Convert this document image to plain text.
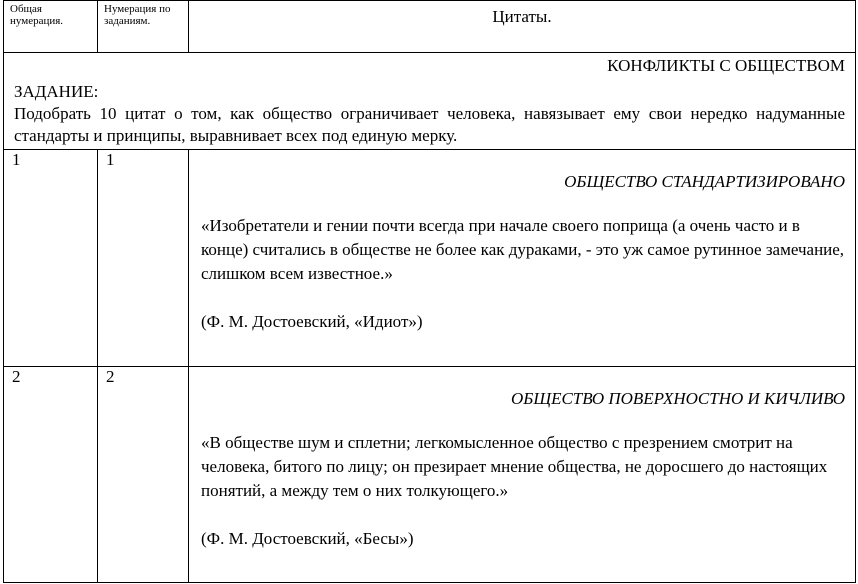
Общая нумерация.	Нумерация по заданиям.	Цитаты.

КОНФЛИКТЫ С ОБЩЕСТВОМ
ЗАДАНИЕ:
Подобрать 10 цитат о том, как общество ограничивает человека, навязывает ему свои нередко надуманные стандарты и принципы, выравнивает всех под единую мерку.		

1	1	ОБЩЕСТВО СТАНДАРТИЗИРОВАНО
«Изобретатели и гении почти всегда при начале своего поприща (а очень часто и в конце) считались в обществе не более как дураками, - это уж самое рутинное замечание, слишком всем известное.»
(Ф. М. Достоевский, «Идиот»)

2	2	ОБЩЕСТВО ПОВЕРХНОСТНО И КИЧЛИВО
«В обществе шум и сплетни; легкомысленное общество с презрением смотрит на человека, битого по лицу; он презирает мнение общества, не доросшего до настоящих понятий, а между тем о них толкующего.»
(Ф. М. Достоевский, «Бесы»)
